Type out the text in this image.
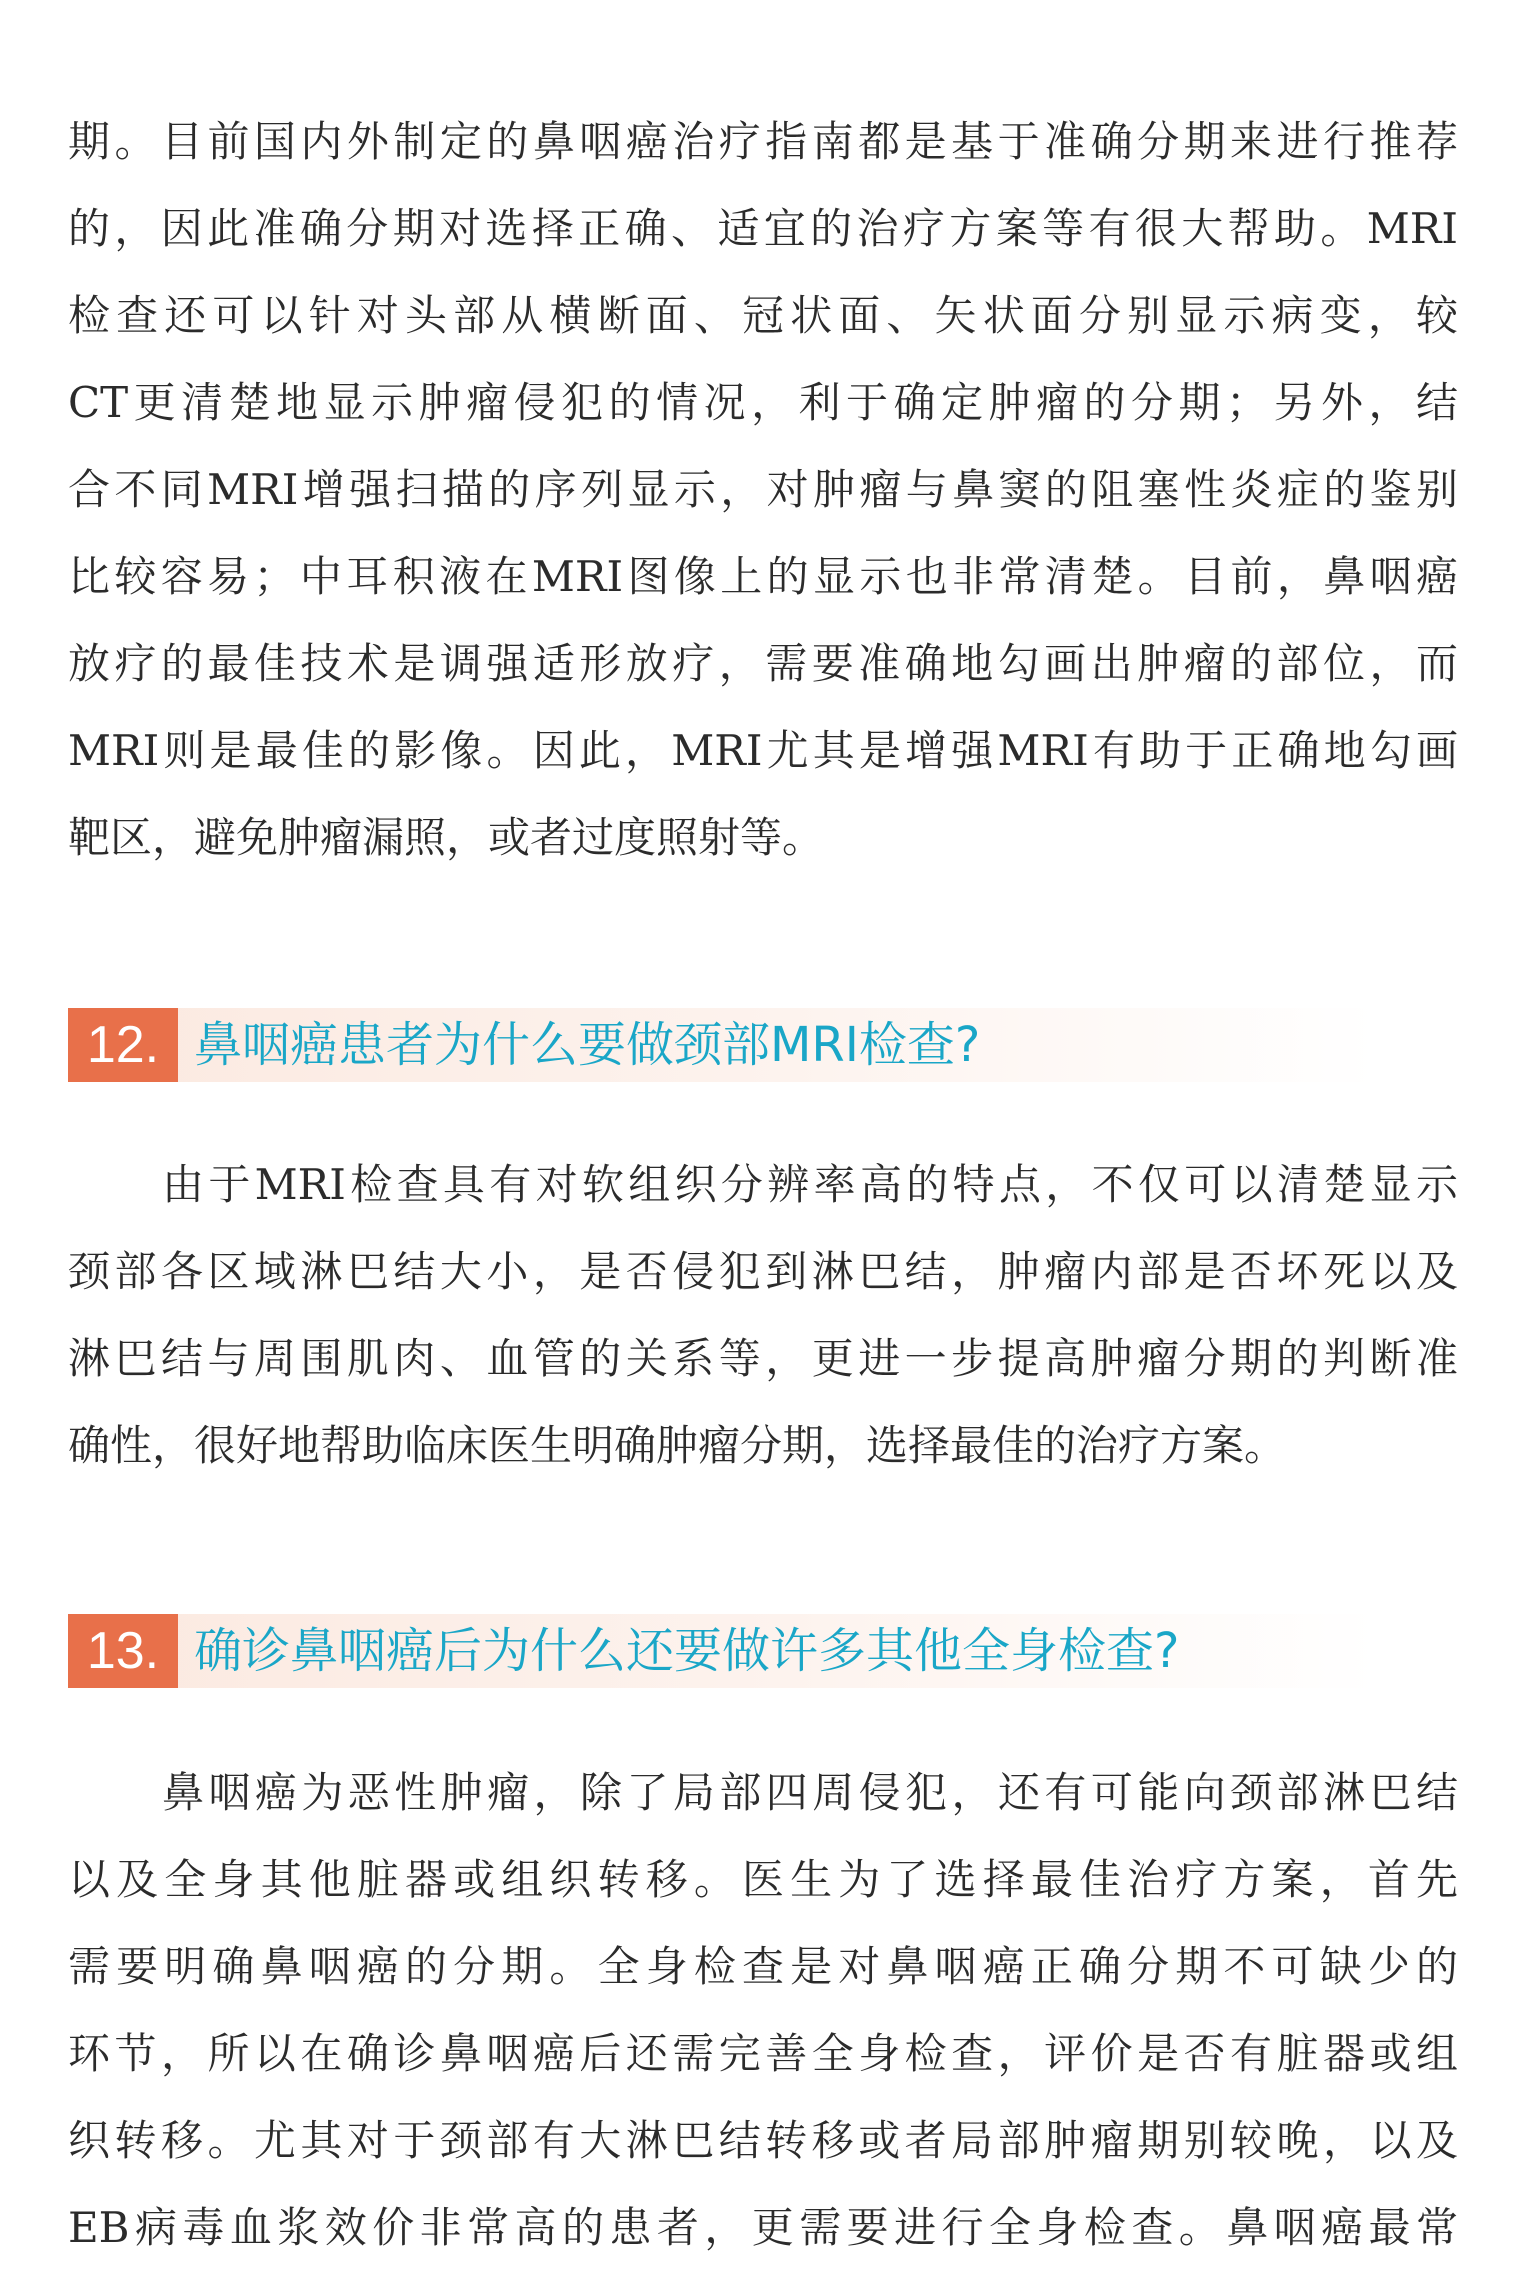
期。目前国内外制定的鼻咽癌治疗指南都是基于准确分期来进行推荐
的，因此准确分期对选择正确、适宜的治疗方案等有很大帮助。MRI
检查还可以针对头部从横断面、冠状面、矢状面分别显示病变，较
CT更清楚地显示肿瘤侵犯的情况，利于确定肿瘤的分期；另外，结
合不同MRI增强扫描的序列显示，对肿瘤与鼻窦的阻塞性炎症的鉴别
比较容易；中耳积液在MRI图像上的显示也非常清楚。目前，鼻咽癌
放疗的最佳技术是调强适形放疗，需要准确地勾画出肿瘤的部位，而
MRI则是最佳的影像。因此，MRI尤其是增强MRI有助于正确地勾画
靶区，避免肿瘤漏照，或者过度照射等。
12. 鼻咽癌患者为什么要做颈部MRI检查?
由于MRI检查具有对软组织分辨率高的特点，不仅可以清楚显示
颈部各区域淋巴结大小，是否侵犯到淋巴结，肿瘤内部是否坏死以及
淋巴结与周围肌肉、血管的关系等，更进一步提高肿瘤分期的判断准
确性，很好地帮助临床医生明确肿瘤分期，选择最佳的治疗方案。
13. 确诊鼻咽癌后为什么还要做许多其他全身检查?
鼻咽癌为恶性肿瘤，除了局部四周侵犯，还有可能向颈部淋巴结
以及全身其他脏器或组织转移。医生为了选择最佳治疗方案，首先
需要明确鼻咽癌的分期。全身检查是对鼻咽癌正确分期不可缺少的
环节，所以在确诊鼻咽癌后还需完善全身检查，评价是否有脏器或组
织转移。尤其对于颈部有大淋巴结转移或者局部肿瘤期别较晚，以及
EB病毒血浆效价非常高的患者，更需要进行全身检查。鼻咽癌最常
